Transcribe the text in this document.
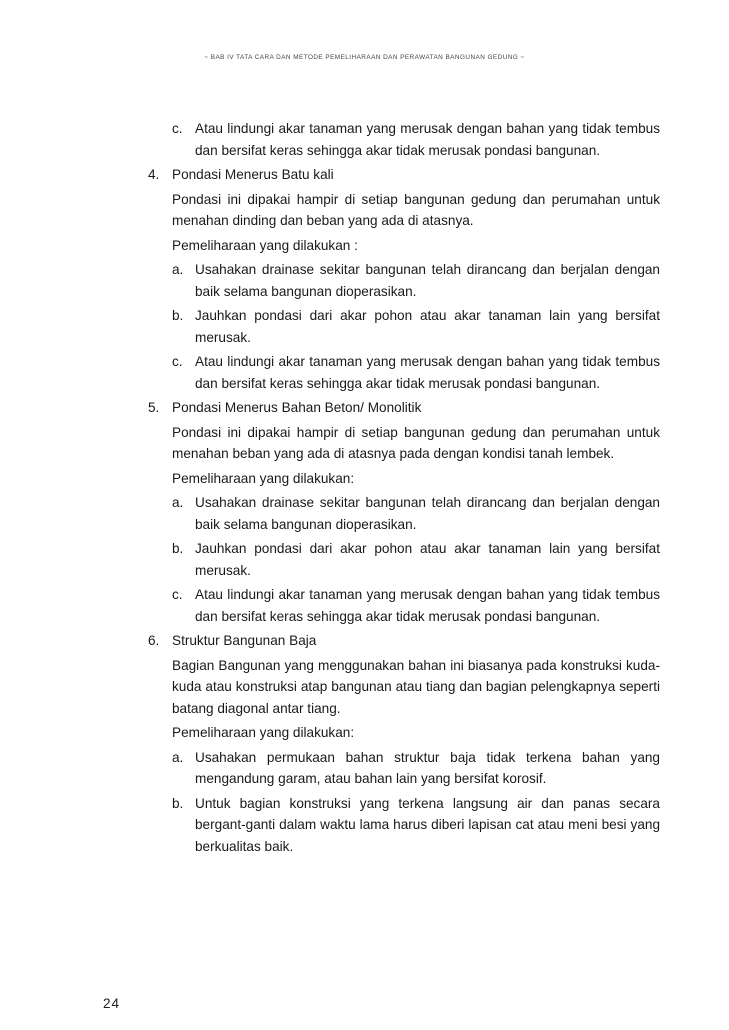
~ BAB IV TATA CARA DAN METODE PEMELIHARAAN DAN PERAWATAN BANGUNAN GEDUNG ~
c. Atau lindungi akar tanaman yang merusak dengan bahan yang tidak tembus dan bersifat keras sehingga akar tidak merusak pondasi bangunan.
4. Pondasi Menerus Batu kali
Pondasi ini dipakai hampir di setiap bangunan gedung dan perumahan untuk menahan dinding dan beban yang ada di atasnya.
Pemeliharaan yang dilakukan :
a. Usahakan drainase sekitar bangunan telah dirancang dan berjalan dengan baik selama bangunan dioperasikan.
b. Jauhkan pondasi dari akar pohon atau akar tanaman lain yang bersifat merusak.
c. Atau lindungi akar tanaman yang merusak dengan bahan yang tidak tembus dan bersifat keras sehingga akar tidak merusak pondasi bangunan.
5. Pondasi Menerus Bahan Beton/ Monolitik
Pondasi ini dipakai hampir di setiap bangunan gedung dan perumahan untuk menahan beban yang ada di atasnya pada dengan kondisi tanah lembek.
Pemeliharaan yang dilakukan:
a. Usahakan drainase sekitar bangunan telah dirancang dan berjalan dengan baik selama bangunan dioperasikan.
b. Jauhkan pondasi dari akar pohon atau akar tanaman lain yang bersifat merusak.
c. Atau lindungi akar tanaman yang merusak dengan bahan yang tidak tembus dan bersifat keras sehingga akar tidak merusak pondasi bangunan.
6. Struktur Bangunan Baja
Bagian Bangunan yang menggunakan bahan ini biasanya pada konstruksi kuda-kuda atau konstruksi atap bangunan atau tiang dan bagian pelengkapnya seperti batang diagonal antar tiang.
Pemeliharaan yang dilakukan:
a. Usahakan permukaan bahan struktur baja tidak terkena bahan yang mengandung garam, atau bahan lain yang bersifat korosif.
b. Untuk bagian konstruksi yang terkena langsung air dan panas secara bergant-ganti dalam waktu lama harus diberi lapisan cat atau meni besi yang berkualitas baik.
24
